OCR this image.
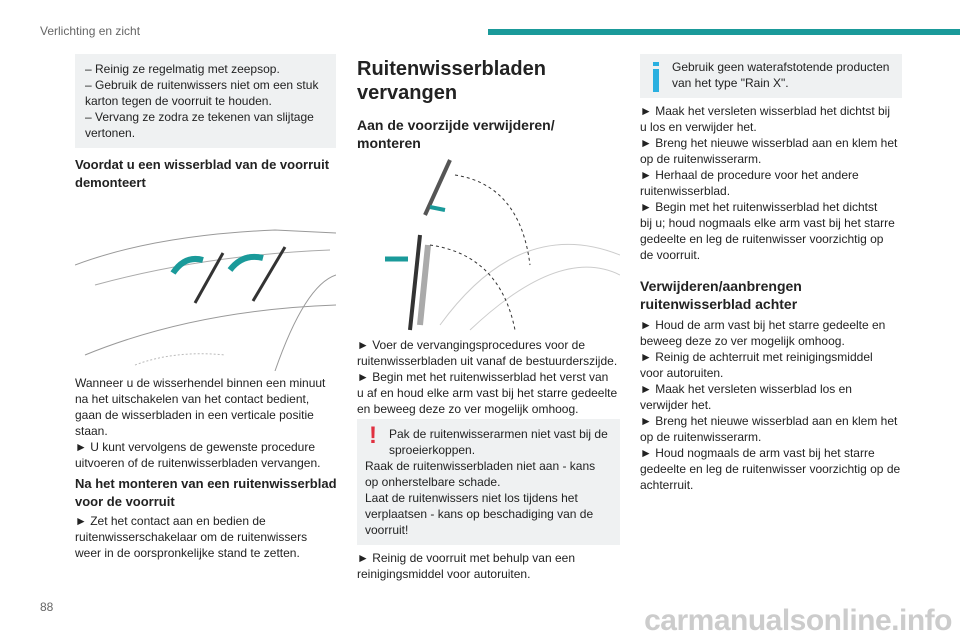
Verlichting en zicht
– Reinig ze regelmatig met zeepsop.
– Gebruik de ruitenwissers niet om een stuk
karton tegen de voorruit te houden.
– Vervang ze zodra ze tekenen van slijtage
vertonen.
Voordat u een wisserblad van de voorruit
demonteert
Wanneer u de wisserhendel binnen een minuut
na het uitschakelen van het contact bedient,
gaan de wisserbladen in een verticale positie
staan.
► U kunt vervolgens de gewenste procedure
uitvoeren of de ruitenwisserbladen vervangen.
Na het monteren van een ruitenwisserblad
voor de voorruit
► Zet het contact aan en bedien de
ruitenwisserschakelaar om de ruitenwissers
weer in de oorspronkelijke stand te zetten.
Ruitenwisserbladen
vervangen
Aan de voorzijde verwijderen/
monteren
► Voer de vervangingsprocedures voor de
ruitenwisserbladen uit vanaf de bestuurderszijde.
► Begin met het ruitenwisserblad het verst van
u af en houd elke arm vast bij het starre gedeelte
en beweeg deze zo ver mogelijk omhoog.
!	Pak de ruitenwisserarmen niet vast bij de
sproeierkoppen.
Raak de ruitenwisserbladen niet aan - kans
op onherstelbare schade.
Laat de ruitenwissers niet los tijdens het
verplaatsen - kans op beschadiging van de
voorruit!
► Reinig de voorruit met behulp van een
reinigingsmiddel voor autoruiten.
Gebruik geen waterafstotende producten
van het type "Rain X".
► Maak het versleten wisserblad het dichtst bij
u los en verwijder het.
► Breng het nieuwe wisserblad aan en klem het
op de ruitenwisserarm.
► Herhaal de procedure voor het andere
ruitenwisserblad.
► Begin met het ruitenwisserblad het dichtst
bij u; houd nogmaals elke arm vast bij het starre
gedeelte en leg de ruitenwisser voorzichtig op
de voorruit.
Verwijderen/aanbrengen
ruitenwisserblad achter
► Houd de arm vast bij het starre gedeelte en
beweeg deze zo ver mogelijk omhoog.
► Reinig de achterruit met reinigingsmiddel
voor autoruiten.
► Maak het versleten wisserblad los en
verwijder het.
► Breng het nieuwe wisserblad aan en klem het
op de ruitenwisserarm.
► Houd nogmaals de arm vast bij het starre
gedeelte en leg de ruitenwisser voorzichtig op de
achterruit.
88	carmanualsonline.info
